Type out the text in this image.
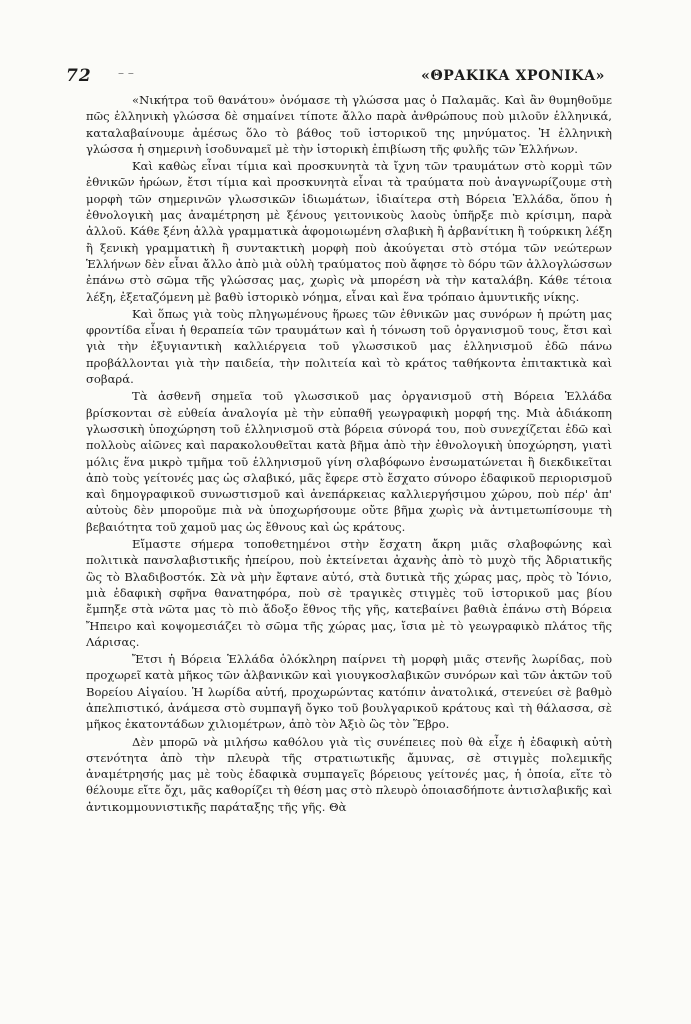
72 – –	«ΘΡΑΚΙΚΑ ΧΡΟΝΙΚΑ»

«Νικήτρα τοῦ θανάτου» ὀνόμασε τὴ γλώσσα μας ὁ Παλαμᾶς. Καὶ ἂν θυμηθοῦμε πῶς ἑλληνικὴ γλώσσα δὲ σημαίνει τίποτε ἄλλο παρὰ ἀνθρώπους ποὺ μιλοῦν ἑλληνικά, καταλαβαίνουμε ἀμέσως ὅλο τὸ βάθος τοῦ ἱστορικοῦ της μηνύματος. Ἡ ἑλληνικὴ γλώσσα ἡ σημερινὴ ἰσοδυναμεῖ μὲ τὴν ἱστορικὴ ἐπιβίωση τῆς φυλῆς τῶν Ἑλλήνων.

Καὶ καθὼς εἶναι τίμια καὶ προσκυνητὰ τὰ ἴχνη τῶν τραυμάτων στὸ κορμὶ τῶν ἐθνικῶν ἡρώων, ἔτσι τίμια καὶ προσκυνητὰ εἶναι τὰ τραύματα ποὺ ἀναγνωρίζουμε στὴ μορφὴ τῶν σημερινῶν γλωσσικῶν ἰδιωμάτων, ἰδιαίτερα στὴ Βόρεια Ἑλλάδα, ὅπου ἡ ἐθνολογικὴ μας ἀναμέτρηση μὲ ξένους γειτονικοὺς λαοὺς ὑπῆρξε πιὸ κρίσιμη, παρὰ ἀλλοῦ. Κάθε ξένη ἀλλὰ γραμματικὰ ἀφομοιωμένη σλαβικὴ ἢ ἀρβανίτικη ἢ τούρκικη λέξη ἢ ξενικὴ γραμματικὴ ἢ συντακτικὴ μορφὴ ποὺ ἀκούγεται στὸ στόμα τῶν νεώτερων Ἑλλήνων δὲν εἶναι ἄλλο ἀπὸ μιὰ οὐλὴ τραύματος ποὺ ἄφησε τὸ δόρυ τῶν ἀλλογλώσσων ἐπάνω στὸ σῶμα τῆς γλώσσας μας, χωρὶς νὰ μπορέση νὰ τὴν καταλάβη. Κάθε τέτοια λέξη, ἐξεταζόμενη μὲ βαθὺ ἱστορικὸ νόημα, εἶναι καὶ ἕνα τρόπαιο ἀμυντικῆς νίκης.

Καὶ ὅπως γιὰ τοὺς πληγωμένους ἥρωες τῶν ἐθνικῶν μας συνόρων ἡ πρώτη μας φροντίδα εἶναι ἡ θεραπεία τῶν τραυμάτων καὶ ἡ τόνωση τοῦ ὀργανισμοῦ τους, ἔτσι καὶ γιὰ τὴν ἐξυγιαντικὴ καλλιέργεια τοῦ γλωσσικοῦ μας ἑλληνισμοῦ ἐδῶ πάνω προβάλλονται γιὰ τὴν παιδεία, τὴν πολιτεία καὶ τὸ κράτος ταθήκοντα ἐπιτακτικὰ καὶ σοβαρά.

Τὰ ἀσθενῆ σημεῖα τοῦ γλωσσικοῦ μας ὀργανισμοῦ στὴ Βόρεια Ἑλλάδα βρίσκονται σὲ εὐθεία ἀναλογία μὲ τὴν εὐπαθῆ γεωγραφικὴ μορφή της. Μιὰ ἀδιάκοπη γλωσσικὴ ὑποχώρηση τοῦ ἑλληνισμοῦ στὰ βόρεια σύνορά του, ποὺ συνεχίζεται ἐδῶ καὶ πολλοὺς αἰῶνες καὶ παρακολουθεῖται κατὰ βῆμα ἀπὸ τὴν ἐθνολογικὴ ὑποχώρηση, γιατὶ μόλις ἕνα μικρὸ τμῆμα τοῦ ἑλληνισμοῦ γίνη σλαβόφωνο ἐνσωματώνεται ἢ διεκδικεῖται ἀπὸ τοὺς γείτονές μας ὡς σλαβικό, μᾶς ἔφερε στὸ ἔσχατο σύνορο ἐδαφικοῦ περιορισμοῦ καὶ δημογραφικοῦ συνωστισμοῦ καὶ ἀνεπάρκειας καλλιεργήσιμου χώρου, ποὺ πέρ' ἀπ' αὐτοὺς δὲν μποροῦμε πιὰ νὰ ὑποχωρήσουμε οὔτε βῆμα χωρὶς νὰ ἀντιμετωπίσουμε τὴ βεβαιότητα τοῦ χαμοῦ μας ὡς ἔθνους καὶ ὡς κράτους.

Εἴμαστε σήμερα τοποθετημένοι στὴν ἔσχατη ἄκρη μιᾶς σλαβοφώνης καὶ πολιτικὰ πανσλαβιστικῆς ἠπείρου, ποὺ ἐκτείνεται ἀχανὴς ἀπὸ τὸ μυχὸ τῆς Ἀδριατικῆς ὣς τὸ Βλαδιβοστόκ. Σὰ νὰ μὴν ἔφτανε αὐτό, στὰ δυτικὰ τῆς χώρας μας, πρὸς τὸ Ἰόνιο, μιὰ ἐδαφικὴ σφῆνα θανατηφόρα, ποὺ σὲ τραγικὲς στιγμὲς τοῦ ἱστορικοῦ μας βίου ἔμπηξε στὰ νῶτα μας τὸ πιὸ ἄδοξο ἔθνος τῆς γῆς, κατεβαίνει βαθιὰ ἐπάνω στὴ Βόρεια Ἤπειρο καὶ κοψομεσιάζει τὸ σῶμα τῆς χώρας μας, ἴσια μὲ τὸ γεωγραφικὸ πλάτος τῆς Λάρισας.

Ἔτσι ἡ Βόρεια Ἑλλάδα ὁλόκληρη παίρνει τὴ μορφὴ μιᾶς στενῆς λωρίδας, ποὺ προχωρεῖ κατὰ μῆκος τῶν ἀλβανικῶν καὶ γιουγκοσλαβικῶν συνόρων καὶ τῶν ἀκτῶν τοῦ Βορείου Αἰγαίου. Ἡ λωρίδα αὐτή, προχωρώντας κατόπιν ἀνατολικά, στενεύει σὲ βαθμὸ ἀπελπιστικό, ἀνάμεσα στὸ συμπαγῆ ὄγκο τοῦ βουλγαρικοῦ κράτους καὶ τὴ θάλασσα, σὲ μῆκος ἑκατοντάδων χιλιομέτρων, ἀπὸ τὸν Ἀξιὸ ὣς τὸν Ἕβρο.

Δὲν μπορῶ νὰ μιλήσω καθόλου γιὰ τὶς συνέπειες ποὺ θὰ εἶχε ἡ ἐδαφικὴ αὐτὴ στενότητα ἀπὸ τὴν πλευρὰ τῆς στρατιωτικῆς ἄμυνας, σὲ στιγμὲς πολεμικῆς ἀναμέτρησής μας μὲ τοὺς ἐδαφικὰ συμπαγεῖς βόρειους γείτονές μας, ἡ ὁποία, εἴτε τὸ θέλουμε εἴτε ὄχι, μᾶς καθορίζει τὴ θέση μας στὸ πλευρὸ ὁποιασδήποτε ἀντισλαβικῆς καὶ ἀντικομμουνιστικῆς παράταξης τῆς γῆς. Θὰ
